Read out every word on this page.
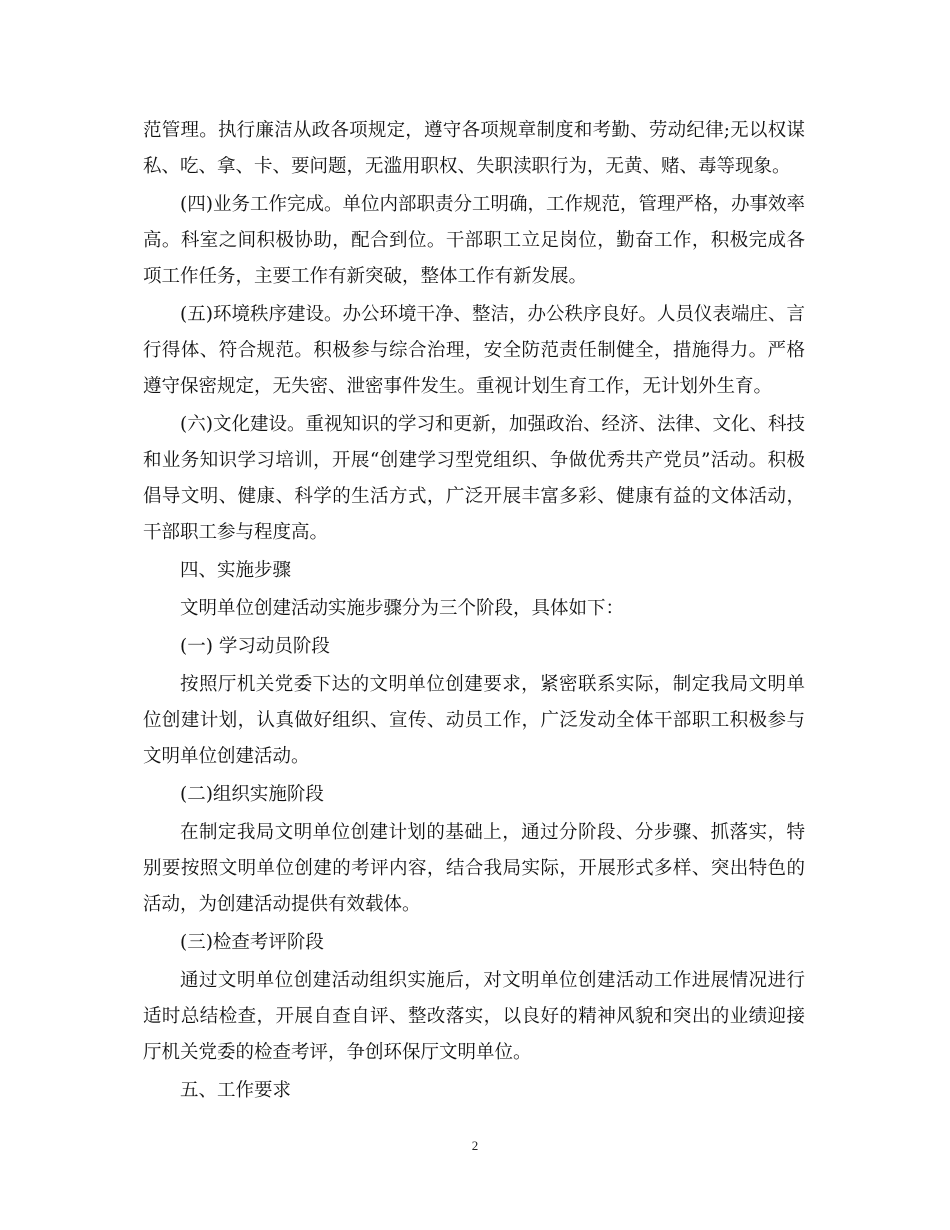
范管理。执行廉洁从政各项规定，遵守各项规章制度和考勤、劳动纪律;无以权谋私、吃、拿、卡、要问题，无滥用职权、失职渎职行为，无黄、赌、毒等现象。

(四)业务工作完成。单位内部职责分工明确，工作规范，管理严格，办事效率高。科室之间积极协助，配合到位。干部职工立足岗位，勤奋工作，积极完成各项工作任务，主要工作有新突破，整体工作有新发展。

(五)环境秩序建设。办公环境干净、整洁，办公秩序良好。人员仪表端庄、言行得体、符合规范。积极参与综合治理，安全防范责任制健全，措施得力。严格遵守保密规定，无失密、泄密事件发生。重视计划生育工作，无计划外生育。

(六)文化建设。重视知识的学习和更新，加强政治、经济、法律、文化、科技和业务知识学习培训，开展“创建学习型党组织、争做优秀共产党员”活动。积极倡导文明、健康、科学的生活方式，广泛开展丰富多彩、健康有益的文体活动，干部职工参与程度高。

四、实施步骤

文明单位创建活动实施步骤分为三个阶段，具体如下：

(一) 学习动员阶段

按照厅机关党委下达的文明单位创建要求，紧密联系实际，制定我局文明单位创建计划，认真做好组织、宣传、动员工作，广泛发动全体干部职工积极参与文明单位创建活动。

(二)组织实施阶段

在制定我局文明单位创建计划的基础上，通过分阶段、分步骤、抓落实，特别要按照文明单位创建的考评内容，结合我局实际，开展形式多样、突出特色的活动，为创建活动提供有效载体。

(三)检查考评阶段

通过文明单位创建活动组织实施后，对文明单位创建活动工作进展情况进行适时总结检查，开展自查自评、整改落实，以良好的精神风貌和突出的业绩迎接厅机关党委的检查考评，争创环保厅文明单位。

五、工作要求

2
